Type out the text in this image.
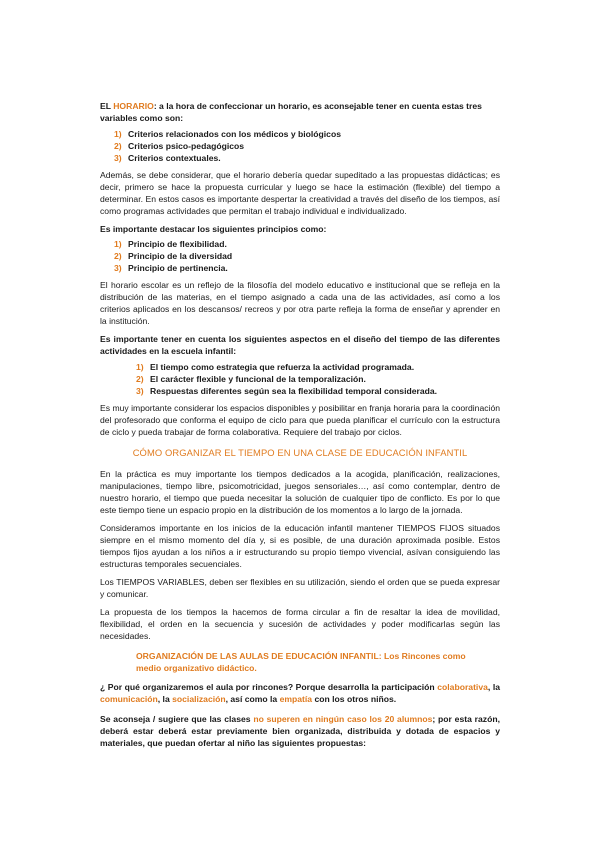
EL HORARIO: a la hora de confeccionar un horario, es aconsejable tener en cuenta estas tres variables como son:

1) Criterios relacionados con los médicos y biológicos
2) Criterios psico-pedagógicos
3) Criterios contextuales.

Además, se debe considerar, que el horario debería quedar supeditado a las propuestas didácticas; es decir, primero se hace la propuesta curricular y luego se hace la estimación (flexible) del tiempo a determinar. En estos casos es importante despertar la creatividad a través del diseño de los tiempos, así como programas actividades que permitan el trabajo individual e individualizado.

Es importante destacar los siguientes principios como:

1) Principio de flexibilidad.
2) Principio de la diversidad
3) Principio de pertinencia.

El horario escolar es un reflejo de la filosofía del modelo educativo e institucional que se refleja en la distribución de las materias, en el tiempo asignado a cada una de las actividades, así como a los criterios aplicados en los descansos/ recreos y por otra parte refleja la forma de enseñar y aprender en la institución.

Es importante tener en cuenta los siguientes aspectos en el diseño del tiempo de las diferentes actividades en la escuela infantil:

1) El tiempo como estrategia que refuerza la actividad programada.
2) El carácter flexible y funcional de la temporalización.
3) Respuestas diferentes según sea la flexibilidad temporal considerada.

Es muy importante considerar los espacios disponibles y posibilitar en franja horaria para la coordinación del profesorado que conforma el equipo de ciclo para que pueda planificar el currículo con la estructura de ciclo y pueda trabajar de forma colaborativa. Requiere del trabajo por ciclos.

CÓMO ORGANIZAR EL TIEMPO EN UNA CLASE DE EDUCACIÓN INFANTIL

En la práctica es muy importante los tiempos dedicados a la acogida, planificación, realizaciones, manipulaciones, tiempo libre, psicomotricidad, juegos sensoriales…, así como contemplar, dentro de nuestro horario, el tiempo que pueda necesitar la solución de cualquier tipo de conflicto. Es por lo que este tiempo tiene un espacio propio en la distribución de los momentos a lo largo de la jornada.

Consideramos importante en los inicios de la educación infantil mantener TIEMPOS FIJOS situados siempre en el mismo momento del día y, si es posible, de una duración aproximada posible. Estos tiempos fijos ayudan a los niños a ir estructurando su propio tiempo vivencial, asívan consiguiendo las estructuras temporales secuenciales.

Los TIEMPOS VARIABLES, deben ser flexibles en su utilización, siendo el orden que se pueda expresar y comunicar.

La propuesta de los tiempos la hacemos de forma circular a fin de resaltar la idea de movilidad, flexibilidad, el orden en la secuencia y sucesión de actividades y poder modificarlas según las necesidades.

ORGANIZACIÓN DE LAS AULAS DE EDUCACIÓN INFANTIL: Los Rincones como
medio organizativo didáctico.

¿ Por qué organizaremos el aula por rincones? Porque desarrolla la participación colaborativa, la comunicación, la socialización, así como la empatía con los otros niños.

Se aconseja / sugiere que las clases no superen en ningún caso los 20 alumnos; por esta razón, deberá estar deberá estar previamente bien organizada, distribuida y dotada de espacios y materiales, que puedan ofertar al niño las siguientes propuestas:
